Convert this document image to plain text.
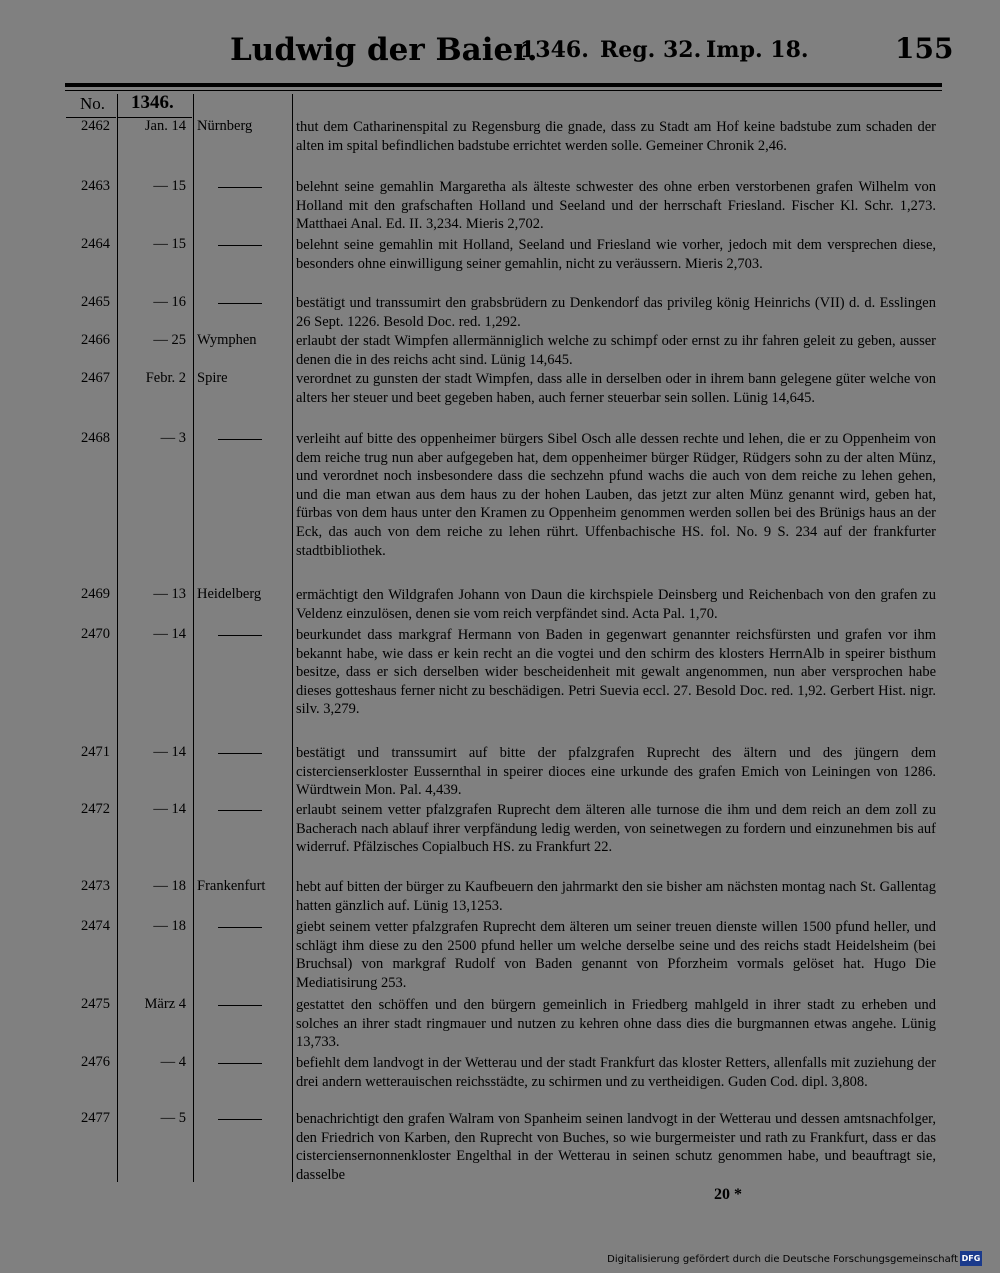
Ludwig der Baier.
1346. Reg. 32. Imp. 18.	155
No. 1346.
2462	Jan. 14 Nürnberg	thut dem Catharinenspital zu Regensburg die gnade, dass zu Stadt am Hof keine badstube zum schaden der alten im spital befindlichen badstube errichtet werden solle. Gemeiner Chronik 2,46.
2463	— 15	belehnt seine gemahlin Margaretha als älteste schwester des ohne erben verstorbenen grafen Wilhelm von Holland mit den grafschaften Holland und Seeland und der herrschaft Friesland. Fischer Kl. Schr. 1,273. Matthaei Anal. Ed. II. 3,234. Mieris 2,702.
2464	— 15	belehnt seine gemahlin mit Holland, Seeland und Friesland wie vorher, jedoch mit dem versprechen diese, besonders ohne einwilligung seiner gemahlin, nicht zu veräussern. Mieris 2,703.
2465	— 16	bestätigt und transsumirt den grabsbrüdern zu Denkendorf das privileg könig Heinrichs (VII) d. d. Esslingen 26 Sept. 1226. Besold Doc. red. 1,292.
2466	— 25 Wymphen	erlaubt der stadt Wimpfen allermänniglich welche zu schimpf oder ernst zu ihr fahren geleit zu geben, ausser denen die in des reichs acht sind. Lünig 14,645.
2467	Febr. 2 Spire	verordnet zu gunsten der stadt Wimpfen, dass alle in derselben oder in ihrem bann gelegene güter welche von alters her steuer und beet gegeben haben, auch ferner steuerbar sein sollen. Lünig 14,645.
2468	— 3	verleiht auf bitte des oppenheimer bürgers Sibel Osch alle dessen rechte und lehen, die er zu Oppenheim von dem reiche trug nun aber aufgegeben hat, dem oppenheimer bürger Rüdger, Rüdgers sohn zu der alten Münz, und verordnet noch insbesondere dass die sechzehn pfund wachs die auch von dem reiche zu lehen gehen, und die man etwan aus dem haus zu der hohen Lauben, das jetzt zur alten Münz genannt wird, geben hat, fürbas von dem haus unter den Kramen zu Oppenheim genommen werden sollen bei des Brünigs haus an der Eck, das auch von dem reiche zu lehen rührt. Uffenbachische HS. fol. No. 9 S. 234 auf der frankfurter stadtbibliothek.
2469	— 13 Heidelberg	ermächtigt den Wildgrafen Johann von Daun die kirchspiele Deinsberg und Reichenbach von den grafen zu Veldenz einzulösen, denen sie vom reich verpfändet sind. Acta Pal. 1,70.
2470	— 14	beurkundet dass markgraf Hermann von Baden in gegenwart genannter reichsfürsten und grafen vor ihm bekannt habe, wie dass er kein recht an die vogtei und den schirm des klosters HerrnAlb in speirer bisthum besitze, dass er sich derselben wider bescheidenheit mit gewalt angenommen, nun aber versprochen habe dieses gotteshaus ferner nicht zu beschädigen. Petri Suevia eccl. 27. Besold Doc. red. 1,92. Gerbert Hist. nigr. silv. 3,279.
2471	— 14	bestätigt und transsumirt auf bitte der pfalzgrafen Ruprecht des ältern und des jüngern dem cistercienserkloster Eussernthal in speirer dioces eine urkunde des grafen Emich von Leiningen von 1286. Würdtwein Mon. Pal. 4,439.
2472	— 14	erlaubt seinem vetter pfalzgrafen Ruprecht dem älteren alle turnose die ihm und dem reich an dem zoll zu Bacherach nach ablauf ihrer verpfändung ledig werden, von seinetwegen zu fordern und einzunehmen bis auf widerruf. Pfälzisches Copialbuch HS. zu Frankfurt 22.
2473	— 18 Frankenfurt	hebt auf bitten der bürger zu Kaufbeuern den jahrmarkt den sie bisher am nächsten montag nach St. Gallentag hatten gänzlich auf. Lünig 13,1253.
2474	— 18	giebt seinem vetter pfalzgrafen Ruprecht dem älteren um seiner treuen dienste willen 1500 pfund heller, und schlägt ihm diese zu den 2500 pfund heller um welche derselbe seine und des reichs stadt Heidelsheim (bei Bruchsal) von markgraf Rudolf von Baden genannt von Pforzheim vormals gelöset hat. Hugo Die Mediatisirung 253.
2475	März 4	gestattet den schöffen und den bürgern gemeinlich in Friedberg mahlgeld in ihrer stadt zu erheben und solches an ihrer stadt ringmauer und nutzen zu kehren ohne dass dies die burgmannen etwas angehe. Lünig 13,733.
2476	— 4	befiehlt dem landvogt in der Wetterau und der stadt Frankfurt das kloster Retters, allenfalls mit zuziehung der drei andern wetterauischen reichsstädte, zu schirmen und zu vertheidigen. Guden Cod. dipl. 3,808.
2477	— 5	benachrichtigt den grafen Walram von Spanheim seinen landvogt in der Wetterau und dessen amtsnachfolger, den Friedrich von Karben, den Ruprecht von Buches, so wie burgermeister und rath zu Frankfurt, dass er das cisterciensernonnenkloster Engelthal in der Wetterau in seinen schutz genommen habe, und beauftragt sie, dasselbe
20 *
Digitalisierung gefördert durch die Deutsche Forschungsgemeinschaft DFG
